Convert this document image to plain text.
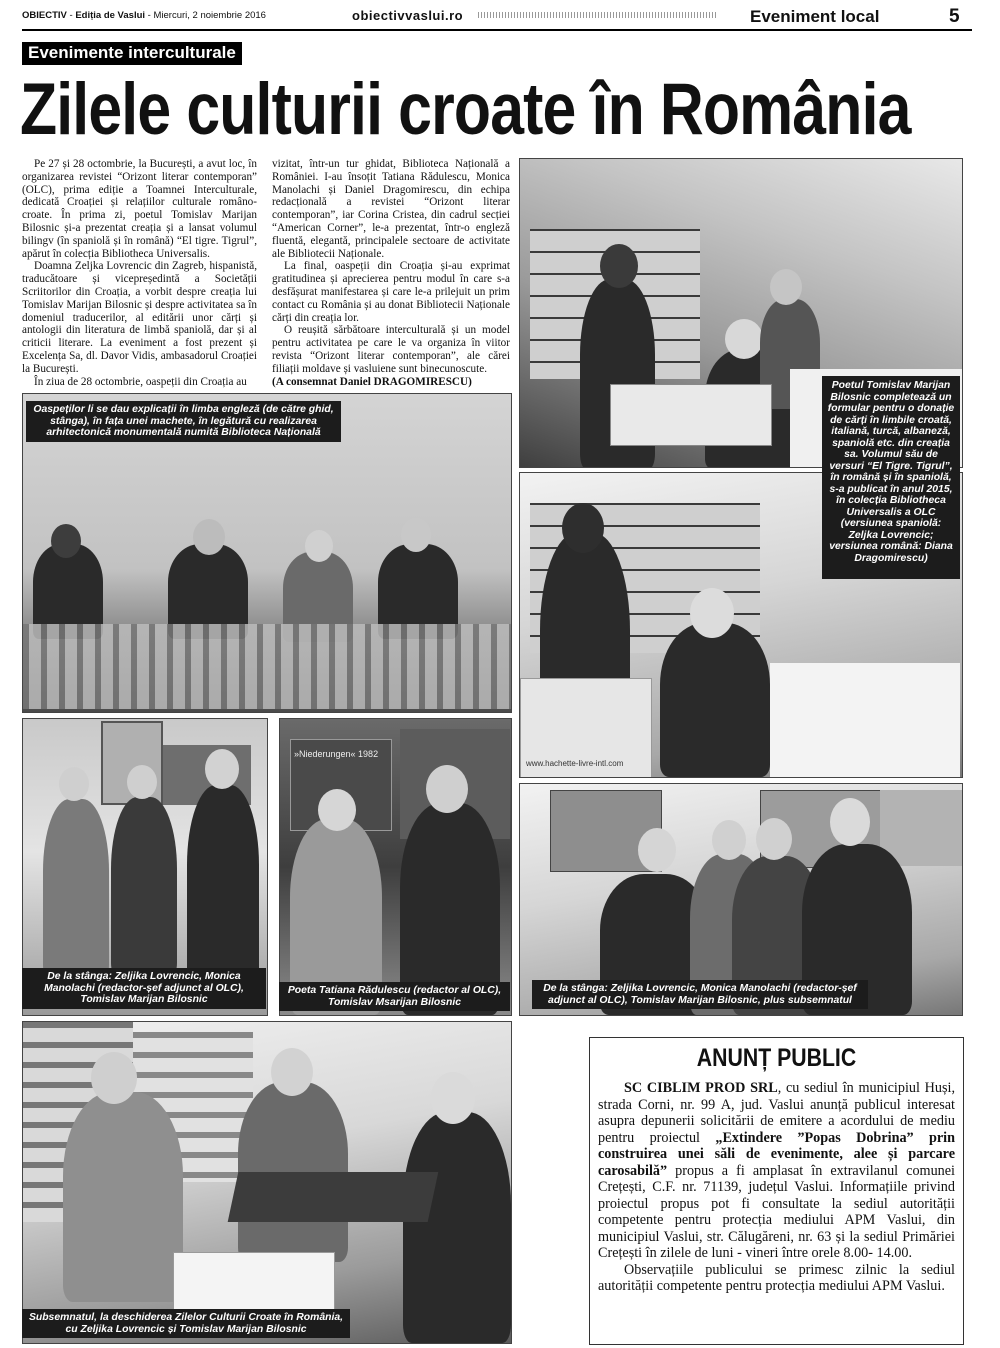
OBIECTIV - Ediția de Vaslui - Miercuri, 2 noiembrie 2016	obiectivvaslui.ro	Eveniment local	5
Evenimente interculturale
Zilele culturii croate în România

Pe 27 și 28 octombrie, la București, a avut loc, în organizarea revistei “Orizont literar contemporan” (OLC), prima ediție a Toamnei Interculturale, dedicată Croației și relațiilor culturale româno-croate. În prima zi, poetul Tomislav Marijan Bilosnic și-a prezentat creația și a lansat volumul bilingv (în spaniolă și în română) “El tigre. Tigrul”, apărut în colecția Bibliotheca Universalis.

Doamna Zeljka Lovrencic din Zagreb, hispanistă, traducătoare și vicepreședintă a Societății Scriitorilor din Croația, a vorbit despre creația lui Tomislav Marijan Bilosnic și despre activitatea sa în domeniul traducerilor, al editării unor cărți și antologii din literatura de limbă spaniolă, dar și al criticii literare. La eveniment a fost prezent și Excelența Sa, dl. Davor Vidis, ambasadorul Croației la București.

În ziua de 28 octombrie, oaspeții din Croația au

vizitat, într-un tur ghidat, Biblioteca Națională a României. I-au însoțit Tatiana Rădulescu, Monica Manolachi și Daniel Dragomirescu, din echipa redacțională a revistei “Orizont literar contemporan”, iar Corina Cristea, din cadrul secției “American Corner”, le-a prezentat, într-o engleză fluentă, elegantă, principalele sectoare de activitate ale Bibliotecii Naționale.

La final, oaspeții din Croația și-au exprimat gratitudinea și aprecierea pentru modul în care s-a desfășurat manifestarea și care le-a prilejuit un prim contact cu România și au donat Bibliotecii Naționale cărți din creația lor.

O reușită sărbătoare interculturală și un model pentru activitatea pe care le va organiza în viitor revista “Orizont literar contemporan”, ale cărei filiații moldave și vasluiene sunt binecunoscute.

(A consemnat Daniel DRAGOMIRESCU)

Oaspeților li se dau explicații în limba engleză (de către ghid, stânga), în fața unei machete, în legătură cu realizarea arhitectonică monumentală numită Biblioteca Națională
www.hachette-livre-intl.com
Poetul Tomislav Marijan Bilosnic completează un formular pentru o donație de cărți în limbile croată, italiană, turcă, albaneză, spaniolă etc. din creația sa. Volumul său de versuri “El Tigre. Tigrul”, în română și în spaniolă, s-a publicat în anul 2015, în colecția Bibliotheca Universalis a OLC (versiunea spaniolă: Zeljka Lovrencic; versiunea română: Diana Dragomirescu)
De la stânga: Zeljika Lovrencic, Monica Manolachi (redactor-șef adjunct al OLC), Tomislav Marijan Bilosnic
»Niederungen« 1982
Poeta Tatiana Rădulescu (redactor al OLC), Tomislav Msarijan Bilosnic
De la stânga: Zeljika Lovrencic, Monica Manolachi (redactor-șef adjunct al OLC), Tomislav Marijan Bilosnic, plus subsemnatul
Subsemnatul, la deschiderea Zilelor Culturii Croate în România, cu Zeljika Lovrencic și Tomislav Marijan Bilosnic
ANUNȚ PUBLIC

SC CIBLIM PROD SRL, cu sediul în municipiul Huși, strada Corni, nr. 99 A, jud. Vaslui anunță publicul interesat asupra depunerii solicitării de emitere a acordului de mediu pentru proiectul „Extindere ”Popas Dobrina” prin construirea unei săli de evenimente, alee și parcare carosabilă” propus a fi amplasat în extravilanul comunei Crețești, C.F. nr. 71139, județul Vaslui. Informațiile privind proiectul propus pot fi consultate la sediul autorității competente pentru protecția mediului APM Vaslui, din municipiul Vaslui, str. Călugăreni, nr. 63 și la sediul Primăriei Crețești în zilele de luni - vineri între orele 8.00- 14.00.

Observațiile publicului se primesc zilnic la sediul autorității competente pentru protecția mediului APM Vaslui.
